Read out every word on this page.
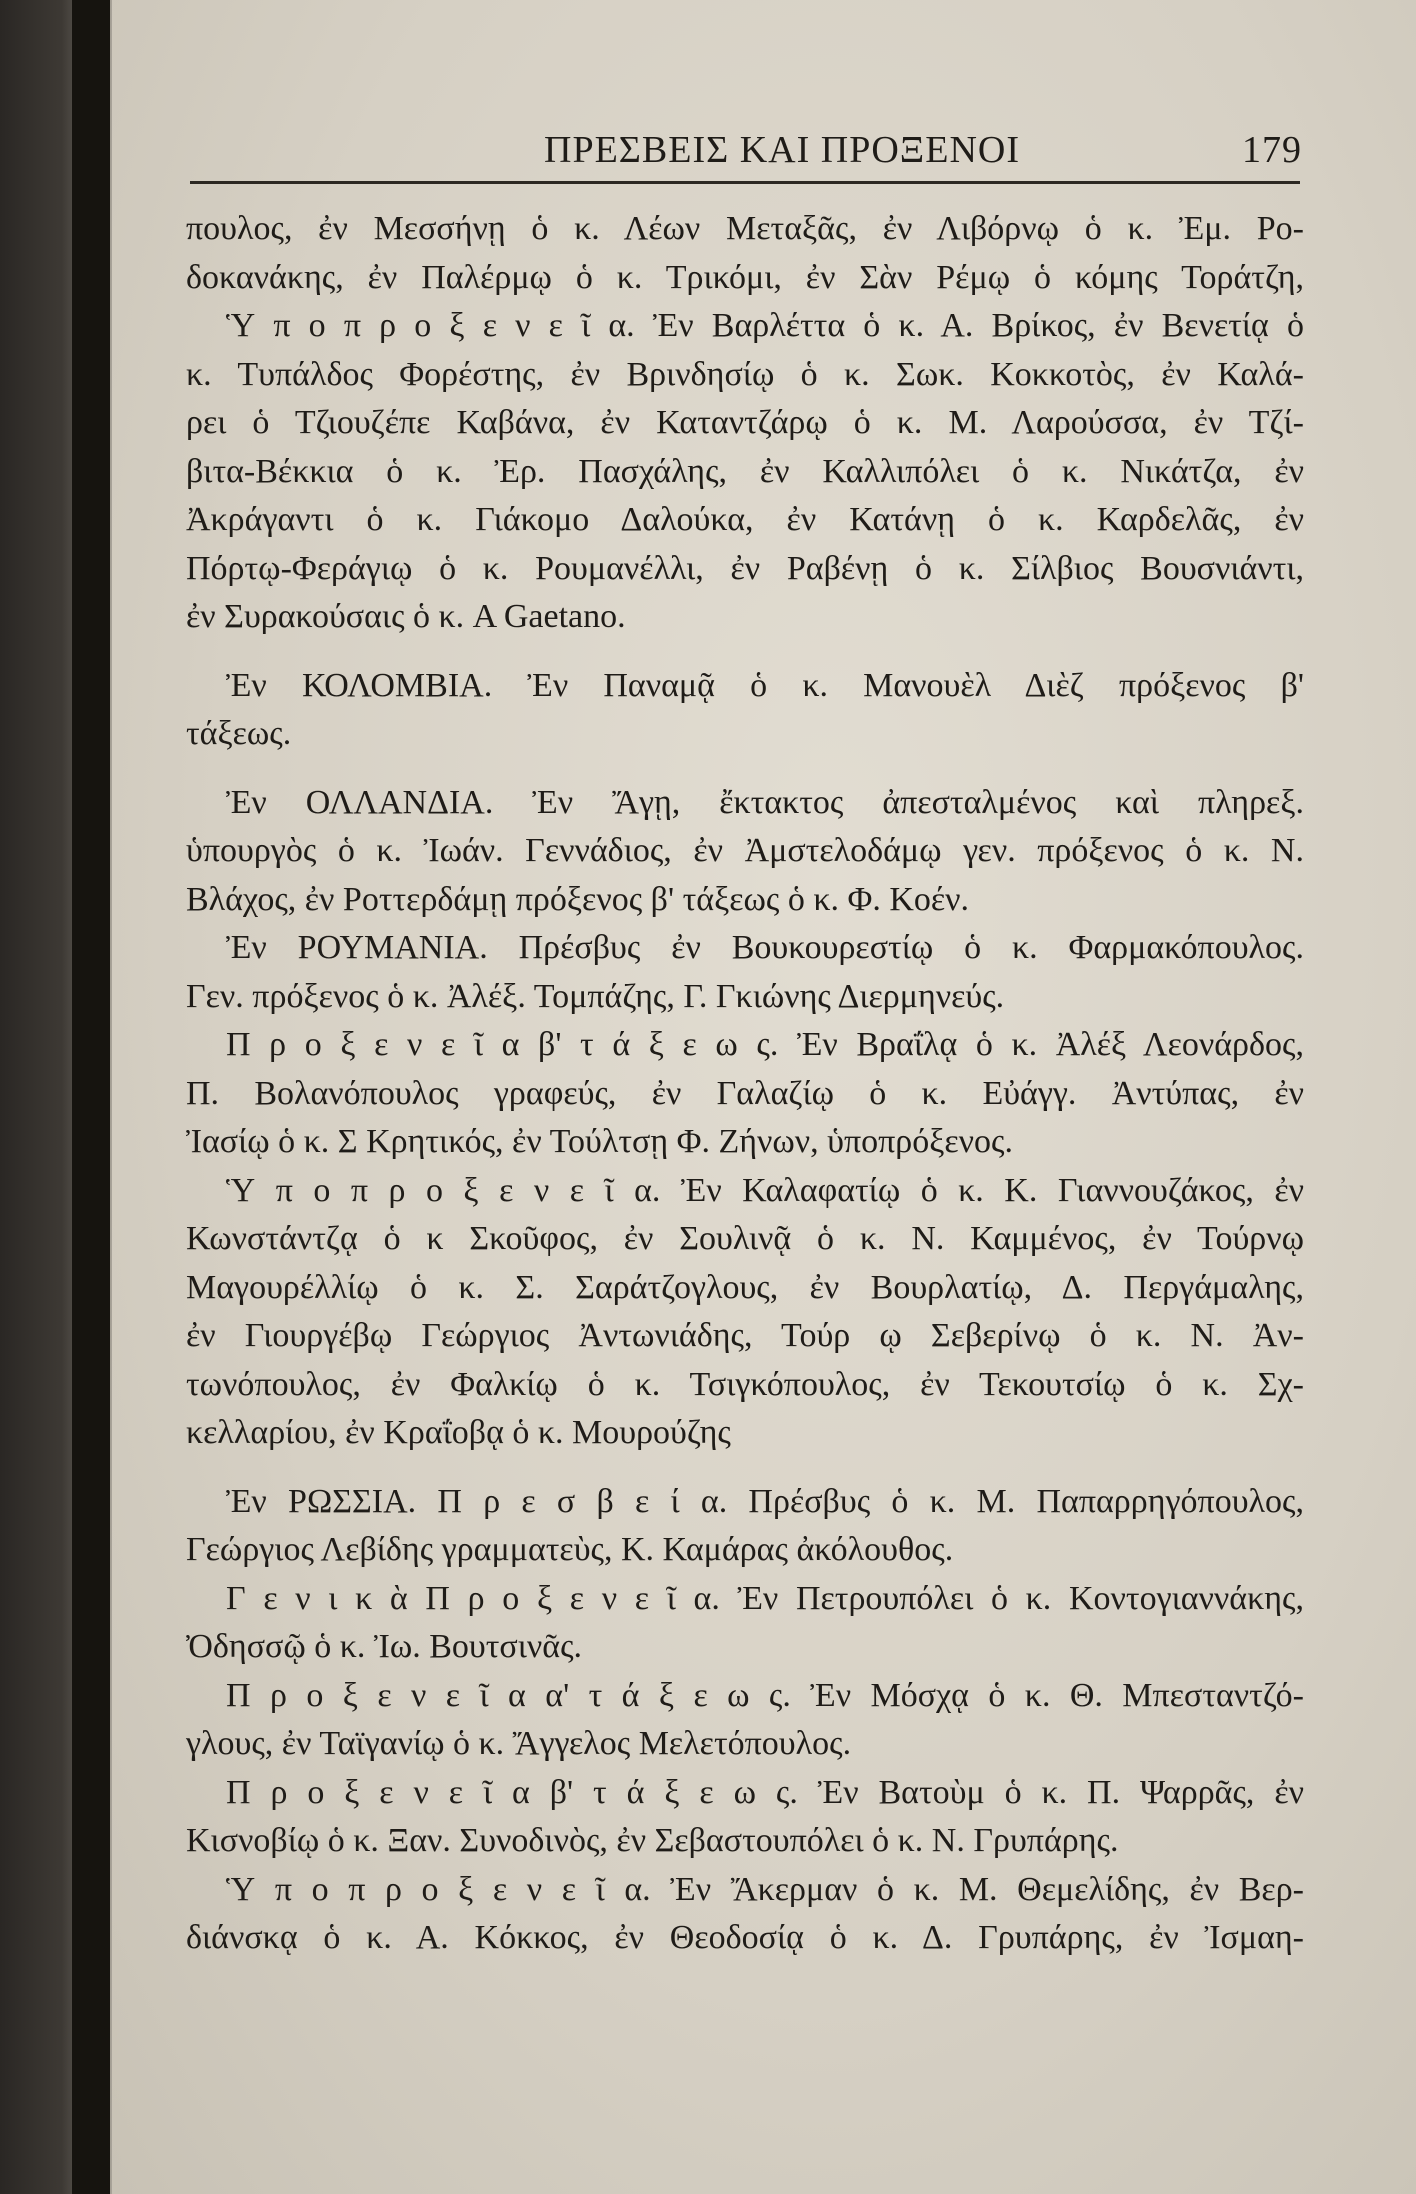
ΠΡΕΣΒΕΙΣ ΚΑΙ ΠΡΟΞΕΝΟΙ	179

πουλος, ἐν Μεσσήνῃ ὁ κ. Λέων Μεταξᾶς, ἐν Λιβόρνῳ ὁ κ. Ἐμ. Ρο-

δοκανάκης, ἐν Παλέρμῳ ὁ κ. Τρικόμι, ἐν Σὰν Ρέμῳ ὁ κόμης Τοράτζη,

Ὑ π ο π ρ ο ξ ε ν ε ῖ α. Ἐν Βαρλέττα ὁ κ. Α. Βρίκος, ἐν Βενετίᾳ ὁ

κ. Τυπάλδος Φορέστης, ἐν Βρινδησίῳ ὁ κ. Σωκ. Κοκκοτὸς, ἐν Καλά-

ρει ὁ Τζιουζέπε Καβάνα, ἐν Καταντζάρῳ ὁ κ. Μ. Λαρούσσα, ἐν Τζί-

βιτα-Βέκκια ὁ κ. Ἐρ. Πασχάλης, ἐν Καλλιπόλει ὁ κ. Νικάτζα, ἐν

Ἀκράγαντι ὁ κ. Γιάκομο Δαλούκα, ἐν Κατάνῃ ὁ κ. Καρδελᾶς, ἐν

Πόρτῳ-Φεράγιῳ ὁ κ. Ρουμανέλλι, ἐν Ραβένῃ ὁ κ. Σίλβιος Βουσνιάντι,

ἐν Συρακούσαις ὁ κ. A Gaetano.

Ἐν ΚΟΛΟΜΒΙΑ. Ἐν Παναμᾷ ὁ κ. Μανουὲλ Διὲζ πρόξενος β'

τάξεως.

Ἐν ΟΛΛΑΝΔΙΑ. Ἐν Ἄγῃ, ἔκτακτος ἀπεσταλμένος καὶ πληρεξ.

ὑπουργὸς ὁ κ. Ἰωάν. Γεννάδιος, ἐν Ἀμστελοδάμῳ γεν. πρόξενος ὁ κ. Ν.

Βλάχος, ἐν Ροττερδάμῃ πρόξενος β' τάξεως ὁ κ. Φ. Κοέν.

Ἐν ΡΟΥΜΑΝΙΑ. Πρέσβυς ἐν Βουκουρεστίῳ ὁ κ. Φαρμακόπουλος.

Γεν. πρόξενος ὁ κ. Ἀλέξ. Τομπάζης, Γ. Γκιώνης Διερμηνεύς.

Π ρ ο ξ ε ν ε ῖ α β' τ ά ξ ε ω ς. Ἐν Βραΐλᾳ ὁ κ. Ἀλέξ Λεονάρδος,

Π. Βολανόπουλος γραφεύς, ἐν Γαλαζίῳ ὁ κ. Εὐάγγ. Ἀντύπας, ἐν

Ἰασίῳ ὁ κ. Σ Κρητικός, ἐν Τούλτσῃ Φ. Ζήνων, ὑποπρόξενος.

Ὑ π ο π ρ ο ξ ε ν ε ῖ α. Ἐν Καλαφατίῳ ὁ κ. Κ. Γιαννουζάκος, ἐν

Κωνστάντζᾳ ὁ κ Σκοῦφος, ἐν Σουλινᾷ ὁ κ. Ν. Καμμένος, ἐν Τούρνῳ

Μαγουρέλλίῳ ὁ κ. Σ. Σαράτζογλους, ἐν Βουρλατίῳ, Δ. Περγάμαλης,

ἐν Γιουργέβῳ Γεώργιος Ἀντωνιάδης, Τούρ ῳ Σεβερίνῳ ὁ κ. Ν. Ἀν-

τωνόπουλος, ἐν Φαλκίῳ ὁ κ. Τσιγκόπουλος, ἐν Τεκουτσίῳ ὁ κ. Σχ-

κελλαρίου, ἐν Κραΐοβᾳ ὁ κ. Μουρούζης

Ἐν ΡΩΣΣΙΑ. Π ρ ε σ β ε ί α. Πρέσβυς ὁ κ. Μ. Παπαρρηγόπουλος,

Γεώργιος Λεβίδης γραμματεὺς, Κ. Καμάρας ἀκόλουθος.

Γ ε ν ι κ ὰ Π ρ ο ξ ε ν ε ῖ α. Ἐν Πετρουπόλει ὁ κ. Κοντογιαννάκης,

Ὀδησσῷ ὁ κ. Ἰω. Βουτσινᾶς.

Π ρ ο ξ ε ν ε ῖ α α' τ ά ξ ε ω ς. Ἐν Μόσχᾳ ὁ κ. Θ. Μπεσταντζό-

γλους, ἐν Ταϊγανίῳ ὁ κ. Ἄγγελος Μελετόπουλος.

Π ρ ο ξ ε ν ε ῖ α β' τ ά ξ ε ω ς. Ἐν Βατοὺμ ὁ κ. Π. Ψαρρᾶς, ἐν

Κισνοβίῳ ὁ κ. Ξαν. Συνοδινὸς, ἐν Σεβαστουπόλει ὁ κ. Ν. Γρυπάρης.

Ὑ π ο π ρ ο ξ ε ν ε ῖ α. Ἐν Ἄκερμαν ὁ κ. Μ. Θεμελίδης, ἐν Βερ-

διάνσκᾳ ὁ κ. Α. Κόκκος, ἐν Θεοδοσίᾳ ὁ κ. Δ. Γρυπάρης, ἐν Ἰσμαη-
